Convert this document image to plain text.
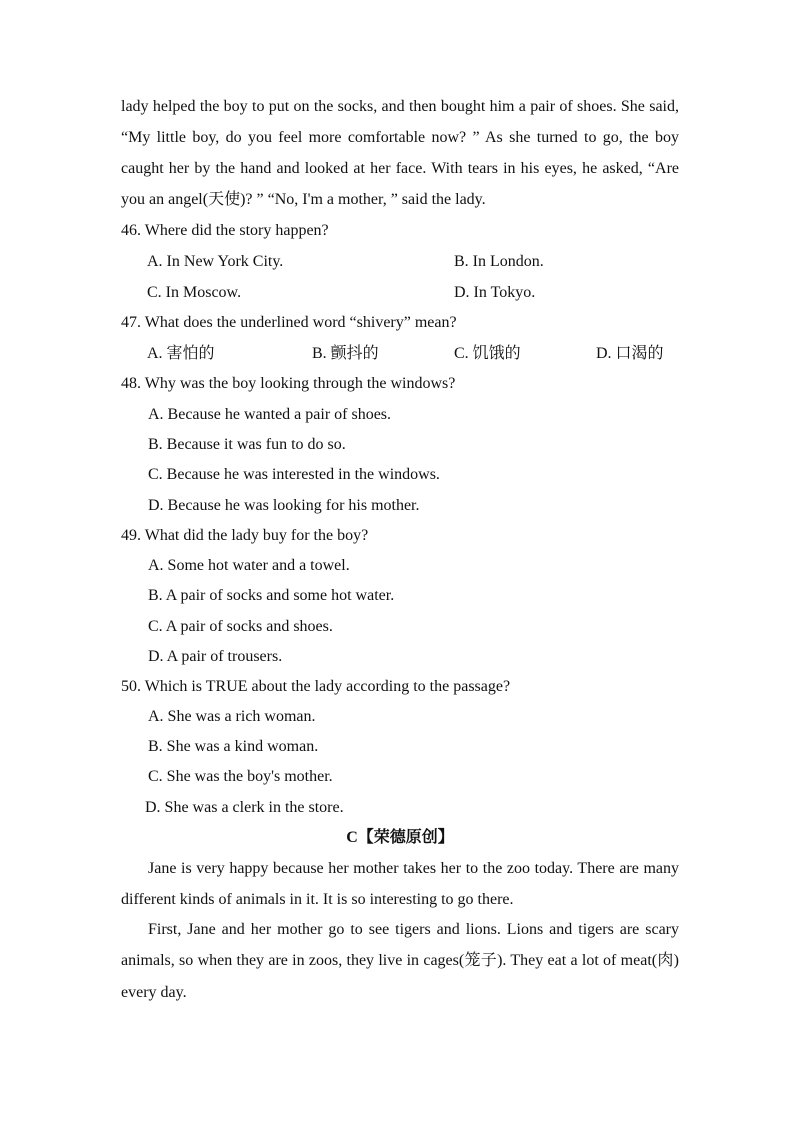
lady helped the boy to put on the socks, and then bought him a pair of shoes. She said,
“My little boy, do you feel more comfortable now? ” As she turned to go, the boy
caught her by the hand and looked at her face. With tears in his eyes, he asked, “Are
you an angel(天使)? ” “No, I'm a mother, ” said the lady.
46. Where did the story happen?
A. In New York City.	B. In London.
C. In Moscow.	D. In Tokyo.
47. What does the underlined word “shivery” mean?
A. 害怕的	B. 颤抖的	C. 饥饿的	D. 口渴的
48. Why was the boy looking through the windows?
A. Because he wanted a pair of shoes.
B. Because it was fun to do so.
C. Because he was interested in the windows.
D. Because he was looking for his mother.
49. What did the lady buy for the boy?
A. Some hot water and a towel.
B. A pair of socks and some hot water.
C. A pair of socks and shoes.
D. A pair of trousers.
50. Which is TRUE about the lady according to the passage?
A. She was a rich woman.
B. She was a kind woman.
C. She was the boy's mother.
D. She was a clerk in the store.
C【荣德原创】
Jane is very happy because her mother takes her to the zoo today. There are many
different kinds of animals in it. It is so interesting to go there.
First, Jane and her mother go to see tigers and lions. Lions and tigers are scary
animals, so when they are in zoos, they live in cages(笼子). They eat a lot of meat(肉)
every day.
